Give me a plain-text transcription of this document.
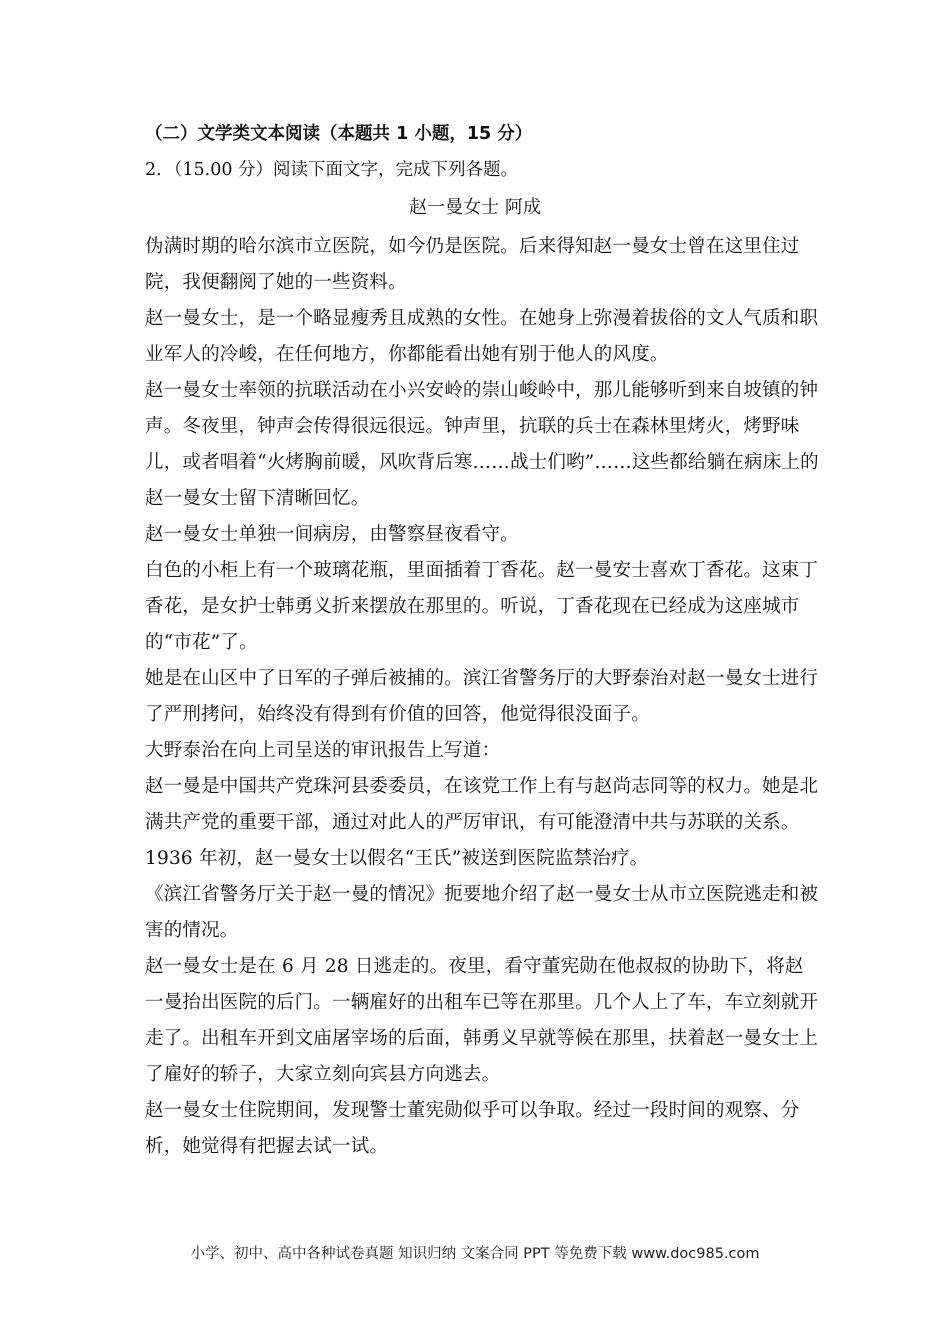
（二）文学类文本阅读（本题共 1 小题，15 分）
2．（15.00 分）阅读下面文字，完成下列各题。
赵一曼女士 阿成

伪满时期的哈尔滨市立医院，如今仍是医院。后来得知赵一曼女士曾在这里住过院，我便翻阅了她的一些资料。

赵一曼女士，是一个略显瘦秀且成熟的女性。在她身上弥漫着拔俗的文人气质和职业军人的冷峻，在任何地方，你都能看出她有别于他人的风度。

赵一曼女士率领的抗联活动在小兴安岭的崇山峻岭中，那儿能够听到来自坡镇的钟声。冬夜里，钟声会传得很远很远。钟声里，抗联的兵士在森林里烤火，烤野味儿，或者唱着“火烤胸前暖，风吹背后寒……战士们哟”……这些都给躺在病床上的赵一曼女士留下清晰回忆。

赵一曼女士单独一间病房，由警察昼夜看守。

白色的小柜上有一个玻璃花瓶，里面插着丁香花。赵一曼安士喜欢丁香花。这束丁香花，是女护士韩勇义折来摆放在那里的。听说，丁香花现在已经成为这座城市的“市花”了。

她是在山区中了日军的子弹后被捕的。滨江省警务厅的大野泰治对赵一曼女士进行了严刑拷问，始终没有得到有价值的回答，他觉得很没面子。

大野泰治在向上司呈送的审讯报告上写道：

赵一曼是中国共产党珠河县委委员，在该党工作上有与赵尚志同等的权力。她是北满共产党的重要干部，通过对此人的严厉审讯，有可能澄清中共与苏联的关系。

1936 年初，赵一曼女士以假名“王氏”被送到医院监禁治疗。

《滨江省警务厅关于赵一曼的情况》扼要地介绍了赵一曼女士从市立医院逃走和被害的情况。

赵一曼女士是在 6 月 28 日逃走的。夜里，看守董宪勋在他叔叔的协助下，将赵一曼抬出医院的后门。一辆雇好的出租车已等在那里。几个人上了车，车立刻就开走了。出租车开到文庙屠宰场的后面，韩勇义早就等候在那里，扶着赵一曼女士上了雇好的轿子，大家立刻向宾县方向逃去。

赵一曼女士住院期间，发现警士董宪勋似乎可以争取。经过一段时间的观察、分析，她觉得有把握去试一试。

小学、初中、高中各种试卷真题 知识归纳 文案合同 PPT 等免费下载 www.doc985.com
